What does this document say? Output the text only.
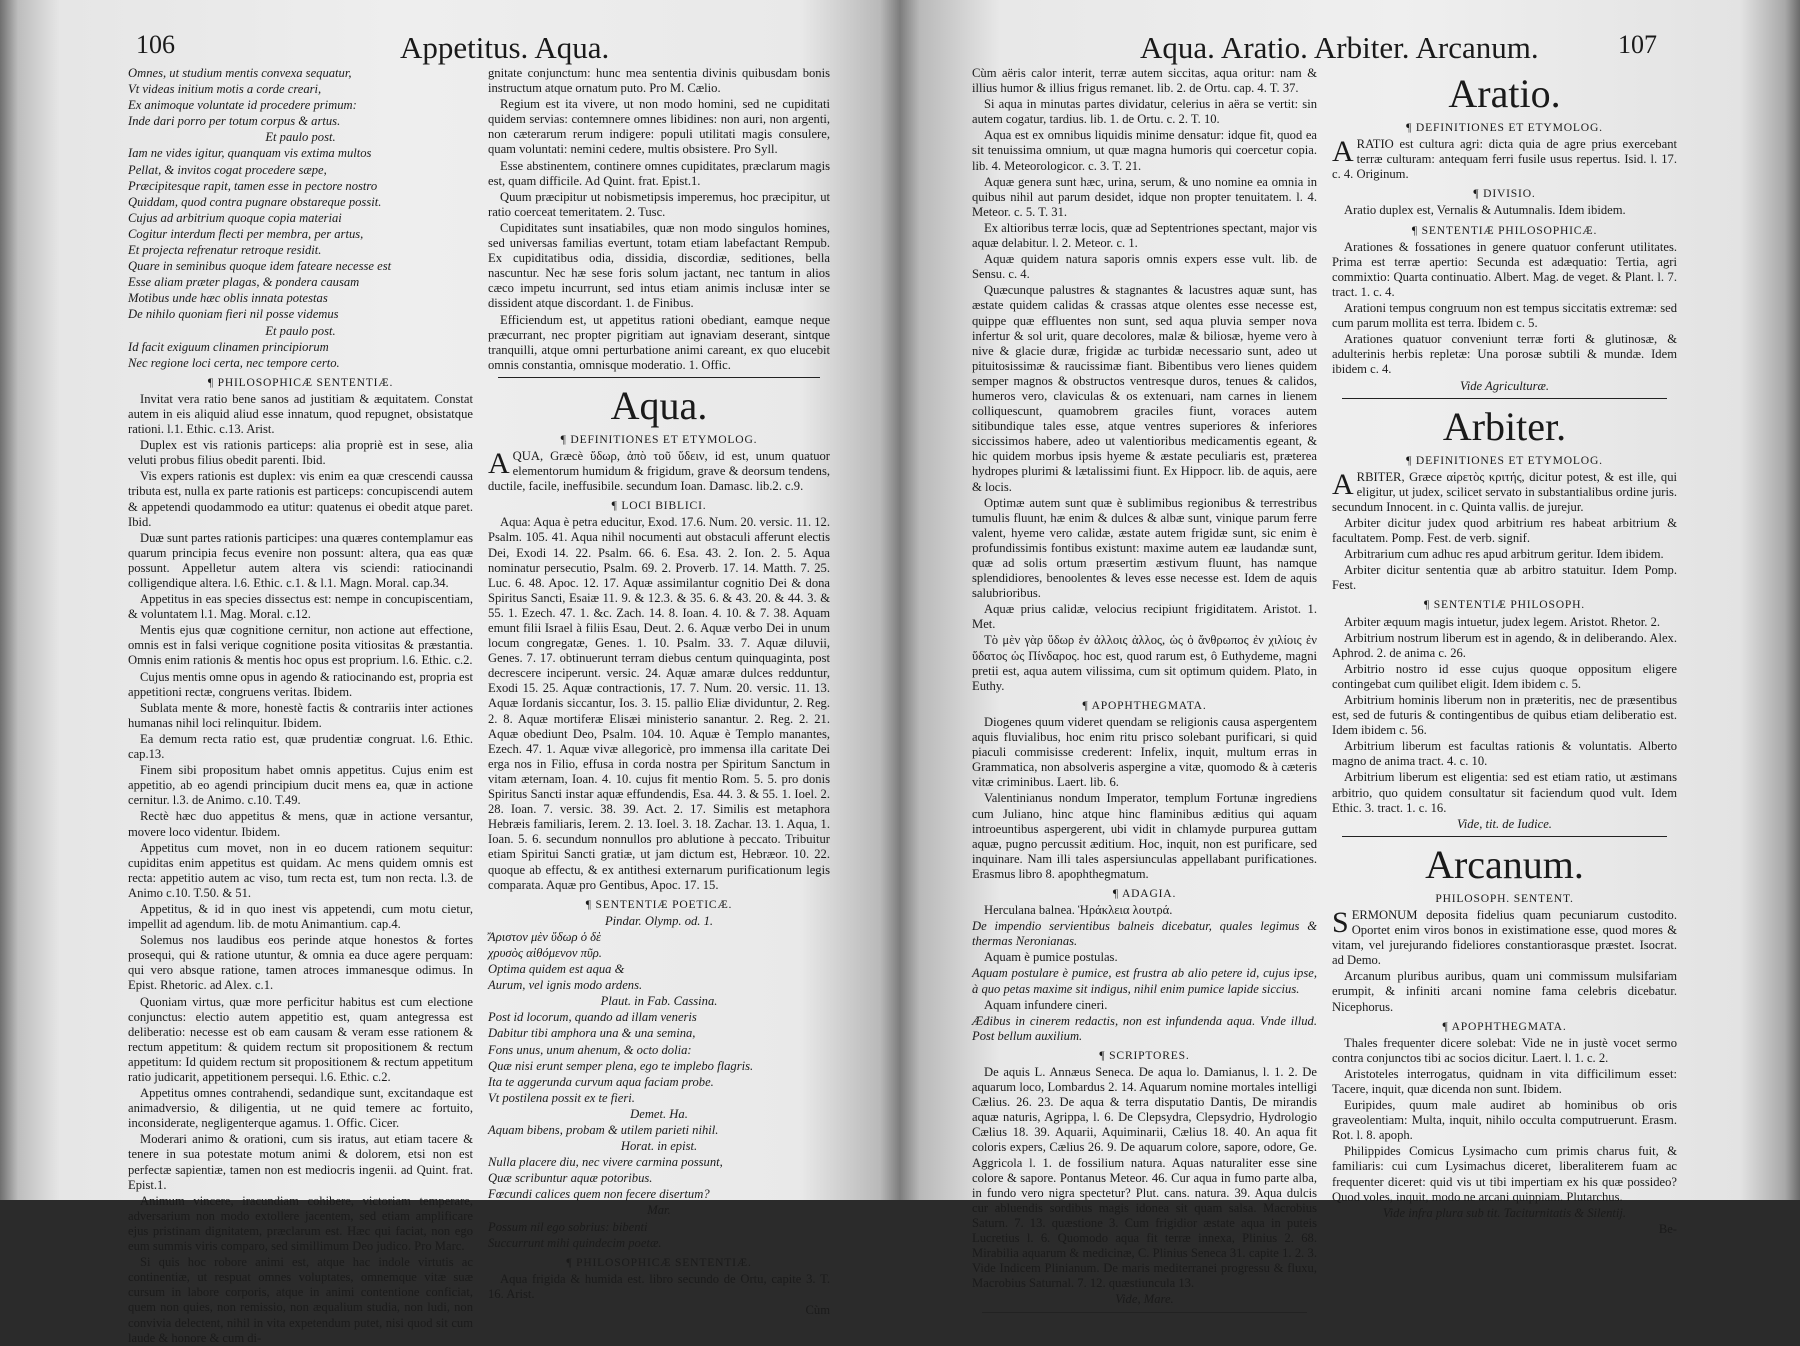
106	Appetitus. Aqua.

Omnes, ut studium mentis convexa sequatur,

Vt videas initium motis a corde creari,

Ex animoque voluntate id procedere primum:

Inde dari porro per totum corpus & artus.

Et paulo post.

Iam ne vides igitur, quanquam vis extima multos

Pellat, & invitos cogat procedere sæpe,

Præcipitesque rapit, tamen esse in pectore nostro

Quiddam, quod contra pugnare obstareque possit.

Cujus ad arbitrium quoque copia materiai

Cogitur interdum flecti per membra, per artus,

Et projecta refrenatur retroque residit.

Quare in seminibus quoque idem fateare necesse est

Esse aliam præter plagas, & pondera causam

Motibus unde hæc oblis innata potestas

De nihilo quoniam fieri nil posse videmus

Et paulo post.

Id facit exiguum clinamen principiorum

Nec regione loci certa, nec tempore certo.

¶ PHILOSOPHICÆ SENTENTIÆ.

Invitat vera ratio bene sanos ad justitiam & æquitatem. Constat autem in eis aliquid aliud esse innatum, quod repugnet, obsistatque rationi. l.1. Ethic. c.13. Arist.

Duplex est vis rationis particeps: alia propriè est in sese, alia veluti probus filius obedit parenti. Ibid.

Vis expers rationis est duplex: vis enim ea quæ crescendi caussa tributa est, nulla ex parte rationis est particeps: concupiscendi autem & appetendi quodammodo ea utitur: quatenus ei obedit atque paret. Ibid.

Duæ sunt partes rationis participes: una quæres contemplamur eas quarum principia fecus evenire non possunt: altera, qua eas quæ possunt. Appelletur autem altera vis sciendi: ratiocinandi colligendique altera. l.6. Ethic. c.1. & l.1. Magn. Moral. cap.34.

Appetitus in eas species dissectus est: nempe in concupiscentiam, & voluntatem l.1. Mag. Moral. c.12.

Mentis ejus quæ cognitione cernitur, non actione aut effectione, omnis est in falsi verique cognitione posita vitiositas & præstantia. Omnis enim rationis & mentis hoc opus est proprium. l.6. Ethic. c.2.

Cujus mentis omne opus in agendo & ratiocinando est, propria est appetitioni rectæ, congruens veritas. Ibidem.

Sublata mente & more, honestè factis & contrariis inter actiones humanas nihil loci relinquitur. Ibidem.

Ea demum recta ratio est, quæ prudentiæ congruat. l.6. Ethic. cap.13.

Finem sibi propositum habet omnis appetitus. Cujus enim est appetitio, ab eo agendi principium ducit mens ea, quæ in actione cernitur. l.3. de Animo. c.10. T.49.

Rectè hæc duo appetitus & mens, quæ in actione versantur, movere loco videntur. Ibidem.

Appetitus cum movet, non in eo ducem rationem sequitur: cupiditas enim appetitus est quidam. Ac mens quidem omnis est recta: appetitio autem ac viso, tum recta est, tum non recta. l.3. de Animo c.10. T.50. & 51.

Appetitus, & id in quo inest vis appetendi, cum motu cietur, impellit ad agendum. lib. de motu Animantium. cap.4.

Solemus nos laudibus eos perinde atque honestos & fortes prosequi, qui & ratione utuntur, & omnia ea duce agere perquam: qui vero absque ratione, tamen atroces immanesque odimus. In Epist. Rhetoric. ad Alex. c.1.

Quoniam virtus, quæ more perficitur habitus est cum electione conjunctus: electio autem appetitio est, quam antegressa est deliberatio: necesse est ob eam causam & veram esse rationem & rectum appetitum: & quidem rectum sit propositionem & rectum appetitum: Id quidem rectum sit propositionem & rectum appetitum ratio judicarit, appetitionem persequi. l.6. Ethic. c.2.

Appetitus omnes contrahendi, sedandique sunt, excitandaque est animadversio, & diligentia, ut ne quid temere ac fortuito, inconsiderate, negligenterque agamus. 1. Offic. Cicer.

Moderari animo & orationi, cum sis iratus, aut etiam tacere & tenere in sua potestate motum animi & dolorem, etsi non est perfectæ sapientiæ, tamen non est mediocris ingenii. ad Quint. frat. Epist.1.

Animum vincere, iracundiam cohibere, victoriam temperare, adversarium non modo extollere jacentem, sed etiam amplificare ejus pristinam dignitatem, præclarum est. Hæc qui faciat, non ego eum summis viris comparo, sed simillimum Deo judico. Pro Marc.

Si quis hoc robore animi est, atque hac indole virtutis ac continentiæ, ut respuat omnes voluptates, omnemque vitæ suæ cursum in labore corporis, atque in animi contentione conficiat, quem non quies, non remissio, non æqualium studia, non ludi, non convivia delectent, nihil in vita expetendum putet, nisi quod sit cum laude & honore & cum di-

gnitate conjunctum: hunc mea sententia divinis quibusdam bonis instructum atque ornatum puto. Pro M. Cælio.

Regium est ita vivere, ut non modo homini, sed ne cupiditati quidem servias: contemnere omnes libidines: non auri, non argenti, non cæterarum rerum indigere: populi utilitati magis consulere, quam voluntati: nemini cedere, multis obsistere. Pro Syll.

Esse abstinentem, continere omnes cupiditates, præclarum magis est, quam difficile. Ad Quint. frat. Epist.1.

Quum præcipitur ut nobismetipsis imperemus, hoc præcipitur, ut ratio coerceat temeritatem. 2. Tusc.

Cupiditates sunt insatiabiles, quæ non modo singulos homines, sed universas familias evertunt, totam etiam labefactant Rempub. Ex cupiditatibus odia, dissidia, discordiæ, seditiones, bella nascuntur. Nec hæ sese foris solum jactant, nec tantum in alios cæco impetu incurrunt, sed intus etiam animis inclusæ inter se dissident atque discordant. 1. de Finibus.

Efficiendum est, ut appetitus rationi obediant, eamque neque præcurrant, nec propter pigritiam aut ignaviam deserant, sintque tranquilli, atque omni perturbatione animi careant, ex quo elucebit omnis constantia, omnisque moderatio. 1. Offic.

Aqua.

¶ DEFINITIONES ET ETYMOLOG.

AQUA, Græcè ὕδωρ, ἀπὸ τοῦ ὕδειν, id est, unum quatuor elementorum humidum & frigidum, grave & deorsum tendens, ductile, facile, ineffusibile. secundum Ioan. Damasc. lib.2. c.9.

¶ LOCI BIBLICI.

Aqua: Aqua è petra educitur, Exod. 17.6. Num. 20. versic. 11. 12. Psalm. 105. 41. Aqua nihil nocumenti aut obstaculi afferunt electis Dei, Exodi 14. 22. Psalm. 66. 6. Esa. 43. 2. Ion. 2. 5. Aqua nominatur persecutio, Psalm. 69. 2. Proverb. 17. 14. Matth. 7. 25. Luc. 6. 48. Apoc. 12. 17. Aquæ assimilantur cognitio Dei & dona Spiritus Sancti, Esaiæ 11. 9. & 12.3. & 35. 6. & 43. 20. & 44. 3. & 55. 1. Ezech. 47. 1. &c. Zach. 14. 8. Ioan. 4. 10. & 7. 38. Aquam emunt filii Israel à filiis Esau, Deut. 2. 6. Aquæ verbo Dei in unum locum congregatæ, Genes. 1. 10. Psalm. 33. 7. Aquæ diluvii, Genes. 7. 17. obtinuerunt terram diebus centum quinquaginta, post decrescere inciperunt. versic. 24. Aquæ amaræ dulces redduntur, Exodi 15. 25. Aquæ contractionis, 17. 7. Num. 20. versic. 11. 13. Aquæ Iordanis siccantur, Ios. 3. 15. pallio Eliæ dividuntur, 2. Reg. 2. 8. Aquæ mortiferæ Elisæi ministerio sanantur. 2. Reg. 2. 21. Aquæ obediunt Deo, Psalm. 104. 10. Aquæ è Templo manantes, Ezech. 47. 1. Aquæ vivæ allegoricè, pro immensa illa caritate Dei erga nos in Filio, effusa in corda nostra per Spiritum Sanctum in vitam æternam, Ioan. 4. 10. cujus fit mentio Rom. 5. 5. pro donis Spiritus Sancti instar aquæ effundendis, Esa. 44. 3. & 55. 1. Ioel. 2. 28. Ioan. 7. versic. 38. 39. Act. 2. 17. Similis est metaphora Hebræis familiaris, Ierem. 2. 13. Ioel. 3. 18. Zachar. 13. 1. Aqua, 1. Ioan. 5. 6. secundum nonnullos pro ablutione à peccato. Tribuitur etiam Spiritui Sancti gratiæ, ut jam dictum est, Hebræor. 10. 22. quoque ab effectu, & ex antithesi externarum purificationum legis comparata. Aquæ pro Gentibus, Apoc. 17. 15.

¶ SENTENTIÆ POETICÆ.

Pindar. Olymp. od. 1.

Ἄριστον μὲν ὕδωρ ὁ δὲ

χρυσὸς αἰθόμενον πῦρ.

Optima quidem est aqua &

Aurum, vel ignis modo ardens.

Plaut. in Fab. Cassina.

Post id locorum, quando ad illam veneris

Dabitur tibi amphora una & una semina,

Fons unus, unum ahenum, & octo dolia:

Quæ nisi erunt semper plena, ego te implebo flagris.

Ita te aggerunda curvum aqua faciam probe.

Vt postilena possit ex te fieri.

Demet. Ha.

Aquam bibens, probam & utilem parieti nihil.

Horat. in epist.

Nulla placere diu, nec vivere carmina possunt,

Quæ scribuntur aquæ potoribus.

Fœcundi calices quem non fecere disertum?

Mar.

Possum nil ego sobrius: bibenti

Succurrunt mihi quindecim poetæ.

¶ PHILOSOPHICÆ SENTENTIÆ.

Aqua frigida & humida est. libro secundo de Ortu, capite 3. T. 16. Arist.

Cùm

Aqua. Aratio. Arbiter. Arcanum.	107

Cùm aëris calor interit, terræ autem siccitas, aqua oritur: nam & illius humor & illius frigus remanet. lib. 2. de Ortu. cap. 4. T. 37.

Si aqua in minutas partes dividatur, celerius in aëra se vertit: sin autem cogatur, tardius. lib. 1. de Ortu. c. 2. T. 10.

Aqua est ex omnibus liquidis minime densatur: idque fit, quod ea sit tenuissima omnium, ut quæ magna humoris qui coercetur copia. lib. 4. Meteorologicor. c. 3. T. 21.

Aquæ genera sunt hæc, urina, serum, & uno nomine ea omnia in quibus nihil aut parum desidet, idque non propter tenuitatem. l. 4. Meteor. c. 5. T. 31.

Ex altioribus terræ locis, quæ ad Septentriones spectant, major vis aquæ delabitur. l. 2. Meteor. c. 1.

Aquæ quidem natura saporis omnis expers esse vult. lib. de Sensu. c. 4.

Quæcunque palustres & stagnantes & lacustres aquæ sunt, has æstate quidem calidas & crassas atque olentes esse necesse est, quippe quæ effluentes non sunt, sed aqua pluvia semper nova infertur & sol urit, quare decolores, malæ & biliosæ, hyeme vero à nive & glacie duræ, frigidæ ac turbidæ necessario sunt, adeo ut pituitosissimæ & raucissimæ fiant. Bibentibus vero lienes quidem semper magnos & obstructos ventresque duros, tenues & calidos, humeros vero, claviculas & os extenuari, nam carnes in lienem colliquescunt, quamobrem graciles fiunt, voraces autem sitibundique tales esse, atque ventres superiores & inferiores siccissimos habere, adeo ut valentioribus medicamentis egeant, & hic quidem morbus ipsis hyeme & æstate peculiaris est, præterea hydropes plurimi & lætalissimi fiunt. Ex Hippocr. lib. de aquis, aere & locis.

Optimæ autem sunt quæ è sublimibus regionibus & terrestribus tumulis fluunt, hæ enim & dulces & albæ sunt, vinique parum ferre valent, hyeme vero calidæ, æstate autem frigidæ sunt, sic enim è profundissimis fontibus existunt: maxime autem eæ laudandæ sunt, quæ ad solis ortum præsertim æstivum fluunt, has namque splendidiores, benoolentes & leves esse necesse est. Idem de aquis salubrioribus.

Aquæ prius calidæ, velocius recipiunt frigiditatem. Aristot. 1. Met.

Τὸ μὲν γὰρ ὕδωρ ἐν ἀλλοις ἀλλος, ὡς ὁ ἄνθρωπος ἐν χιλίοις ἐν ὕδατος ὡς Πίνδαρος. hoc est, quod rarum est, ô Euthydeme, magni pretii est, aqua autem vilissima, cum sit optimum quidem. Plato, in Euthy.

¶ APOPHTHEGMATA.

Diogenes quum videret quendam se religionis causa aspergentem aquis fluvialibus, hoc enim ritu prisco solebant purificari, si quid piaculi commisisse crederent: Infelix, inquit, multum erras in Grammatica, non absolveris aspergine a vitæ, quomodo & à cæteris vitæ criminibus. Laert. lib. 6.

Valentinianus nondum Imperator, templum Fortunæ ingrediens cum Juliano, hinc atque hinc flaminibus æditius qui aquam introeuntibus aspergerent, ubi vidit in chlamyde purpurea guttam aquæ, pugno percussit æditium. Hoc, inquit, non est purificare, sed inquinare. Nam illi tales aspersiunculas appellabant purificationes. Erasmus libro 8. apophthegmatum.

¶ ADAGIA.

Herculana balnea. Ἡράκλεια λουτρά.

De impendio servientibus balneis dicebatur, quales legimus & thermas Neronianas.

Aquam è pumice postulas.

Aquam postulare è pumice, est frustra ab alio petere id, cujus ipse, à quo petas maxime sit indigus, nihil enim pumice lapide siccius.

Aquam infundere cineri.

Ædibus in cinerem redactis, non est infundenda aqua. Vnde illud. Post bellum auxilium.

¶ SCRIPTORES.

De aquis L. Annæus Seneca. De aqua lo. Damianus, l. 1. 2. De aquarum loco, Lombardus 2. 14. Aquarum nomine mortales intelligi Cælius. 26. 23. De aqua & terra disputatio Dantis, De mirandis aquæ naturis, Agrippa, l. 6. De Clepsydra, Clepsydrio, Hydrologio Cælius 18. 39. Aquarii, Aquiminarii, Cælius 18. 40. An aqua fit coloris expers, Cælius 26. 9. De aquarum colore, sapore, odore, Ge. Aggricola l. 1. de fossilium natura. Aquas naturaliter esse sine colore & sapore. Pontanus Meteor. 46. Cur aqua in fumo parte alba, in fundo vero nigra spectetur? Plut. cans. natura. 39. Aqua dulcis cur abluendis sordibus magis idonea sit quam salsa. Macrobius Saturn. 7. 13. quæstione 3. Cum frigidior æstate aqua in puteis Lucretius l. 6. Quomodo aqua fit terræ innexa, Plinius 2. 68. Mirabilia aquarum & medicinæ, C. Plinius Seneca 31. capite 1. 2. 3. Vide Indicem Plinianum. De maris mediterranei progressu & fluxu, Macrobius Saturnal. 7. 12. quæstiuncula 13.

Vide, Mare.

Aratio.

¶ DEFINITIONES ET ETYMOLOG.

ARATIO est cultura agri: dicta quia de agre prius exercebant terræ culturam: antequam ferri fusile usus repertus. Isid. l. 17. c. 4. Originum.

¶ DIVISIO.

Aratio duplex est, Vernalis & Autumnalis. Idem ibidem.

¶ SENTENTIÆ PHILOSOPHICÆ.

Arationes & fossationes in genere quatuor conferunt utilitates. Prima est terræ apertio: Secunda est adæquatio: Tertia, agri commixtio: Quarta continuatio. Albert. Mag. de veget. & Plant. l. 7. tract. 1. c. 4.

Arationi tempus congruum non est tempus siccitatis extremæ: sed cum parum mollita est terra. Ibidem c. 5.

Arationes quatuor conveniunt terræ forti & glutinosæ, & adulterinis herbis repletæ: Una porosæ subtili & mundæ. Idem ibidem c. 4.

Vide Agriculturæ.

Arbiter.

¶ DEFINITIONES ET ETYMOLOG.

ARBITER, Græce αἱρετὸς κριτής, dicitur potest, & est ille, qui eligitur, ut judex, scilicet servato in substantialibus ordine juris. secundum Innocent. in c. Quinta vallis. de jurejur.

Arbiter dicitur judex quod arbitrium res habeat arbitrium & facultatem. Pomp. Fest. de verb. signif.

Arbitrarium cum adhuc res apud arbitrum geritur. Idem ibidem.

Arbiter dicitur sententia quæ ab arbitro statuitur. Idem Pomp. Fest.

¶ SENTENTIÆ PHILOSOPH.

Arbiter æquum magis intuetur, judex legem. Aristot. Rhetor. 2.

Arbitrium nostrum liberum est in agendo, & in deliberando. Alex. Aphrod. 2. de anima c. 26.

Arbitrio nostro id esse cujus quoque oppositum eligere contingebat cum quilibet eligit. Idem ibidem c. 5.

Arbitrium hominis liberum non in præteritis, nec de præsentibus est, sed de futuris & contingentibus de quibus etiam deliberatio est. Idem ibidem c. 56.

Arbitrium liberum est facultas rationis & voluntatis. Alberto magno de anima tract. 4. c. 10.

Arbitrium liberum est eligentia: sed est etiam ratio, ut æstimans arbitrio, quo quidem consultatur sit faciendum quod vult. Idem Ethic. 3. tract. 1. c. 16.

Vide, tit. de Iudice.

Arcanum.

PHILOSOPH. SENTENT.

SERMONUM deposita fidelius quam pecuniarum custodito. Oportet enim viros bonos in existimatione esse, quod mores & vitam, vel jurejurando fideliores constantiorasque præstet. Isocrat. ad Demo.

Arcanum pluribus auribus, quam uni commissum mulsifariam erumpit, & infiniti arcani nomine fama celebris dicebatur. Nicephorus.

¶ APOPHTHEGMATA.

Thales frequenter dicere solebat: Vide ne in justè vocet sermo contra conjunctos tibi ac socios dicitur. Laert. l. 1. c. 2.

Aristoteles interrogatus, quidnam in vita difficilimum esset: Tacere, inquit, quæ dicenda non sunt. Ibidem.

Euripides, quum male audiret ab hominibus ob oris graveolentiam: Multa, inquit, nihilo occulta computruerunt. Erasm. Rot. l. 8. apoph.

Philippides Comicus Lysimacho cum primis charus fuit, & familiaris: cui cum Lysimachus diceret, liberaliterem fuam ac frequenter diceret: quid vis ut tibi impertiam ex his quæ possideo? Quod voles, inquit, modo ne arcani quippiam. Plutarchus.

Vide infra plura sub tit. Taciturnitatis & Silentij.

Be-
